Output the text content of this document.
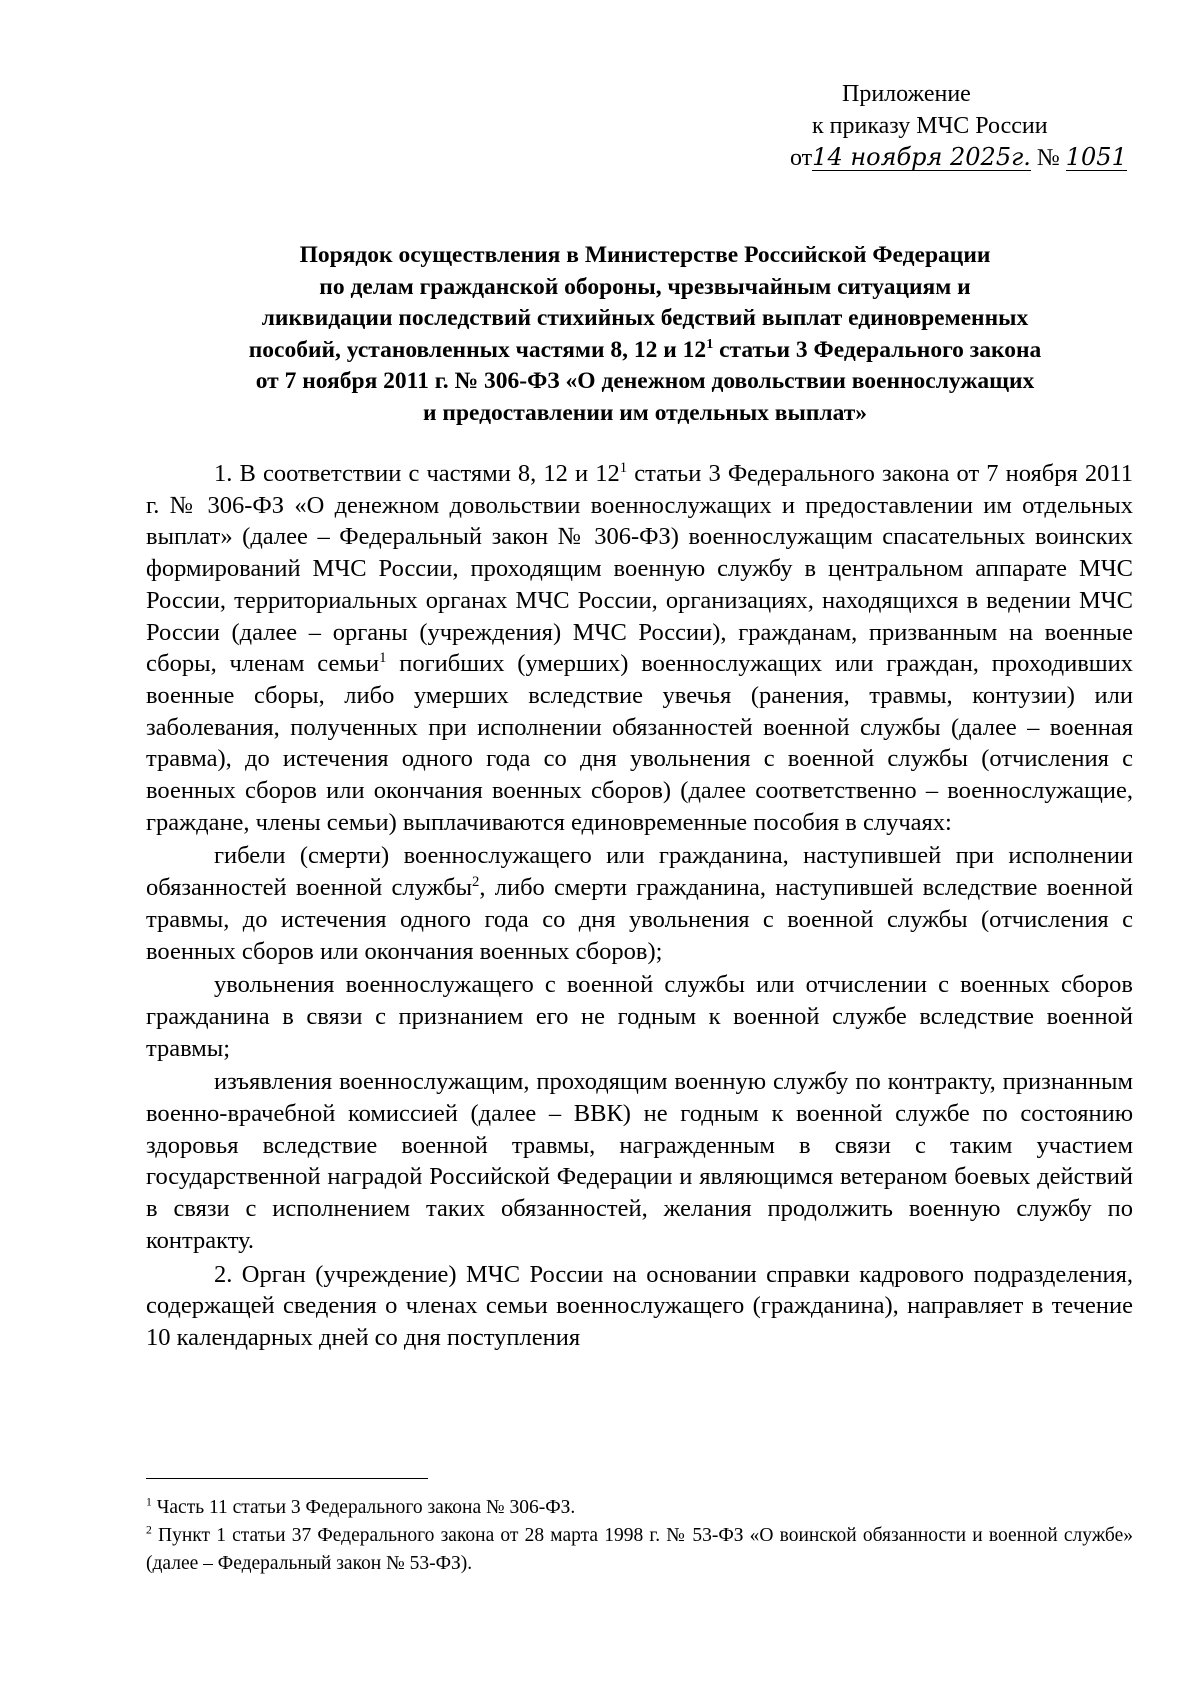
Приложение
к приказу МЧС России
от14 ноября 2025г. № 1051
Порядок осуществления в Министерстве Российской Федерации
по делам гражданской обороны, чрезвычайным ситуациям и
ликвидации последствий стихийных бедствий выплат единовременных
пособий, установленных частями 8, 12 и $12^1$ статьи 3 Федерального закона
от 7 ноября 2011 г. № 306-ФЗ «О денежном довольствии военнослужащих
и предоставлении им отдельных выплат»

1. В соответствии с частями 8, 12 и $12^1$ статьи 3 Федерального закона от 7 ноября 2011 г. № 306-ФЗ «О денежном довольствии военнослужащих и предоставлении им отдельных выплат» (далее – Федеральный закон № 306-ФЗ) военнослужащим спасательных воинских формирований МЧС России, проходящим военную службу в центральном аппарате МЧС России, территориальных органах МЧС России, организациях, находящихся в ведении МЧС России (далее – органы (учреждения) МЧС России), гражданам, призванным на военные сборы, членам семьи$^1$ погибших (умерших) военнослужащих или граждан, проходивших военные сборы, либо умерших вследствие увечья (ранения, травмы, контузии) или заболевания, полученных при исполнении обязанностей военной службы (далее – военная травма), до истечения одного года со дня увольнения с военной службы (отчисления с военных сборов или окончания военных сборов) (далее соответственно – военнослужащие, граждане, члены семьи) выплачиваются единовременные пособия в случаях:

гибели (смерти) военнослужащего или гражданина, наступившей при исполнении обязанностей военной службы$^2$, либо смерти гражданина, наступившей вследствие военной травмы, до истечения одного года со дня увольнения с военной службы (отчисления с военных сборов или окончания военных сборов);

увольнения военнослужащего с военной службы или отчислении с военных сборов гражданина в связи с признанием его не годным к военной службе вследствие военной травмы;

изъявления военнослужащим, проходящим военную службу по контракту, признанным военно-врачебной комиссией (далее – ВВК) не годным к военной службе по состоянию здоровья вследствие военной травмы, награжденным в связи с таким участием государственной наградой Российской Федерации и являющимся ветераном боевых действий в связи с исполнением таких обязанностей, желания продолжить военную службу по контракту.

2. Орган (учреждение) МЧС России на основании справки кадрового подразделения, содержащей сведения о членах семьи военнослужащего (гражданина), направляет в течение 10 календарных дней со дня поступления

$^1$ Часть 11 статьи 3 Федерального закона № 306-ФЗ.

$^2$ Пункт 1 статьи 37 Федерального закона от 28 марта 1998 г. № 53-ФЗ «О воинской обязанности и военной службе» (далее – Федеральный закон № 53-ФЗ).
